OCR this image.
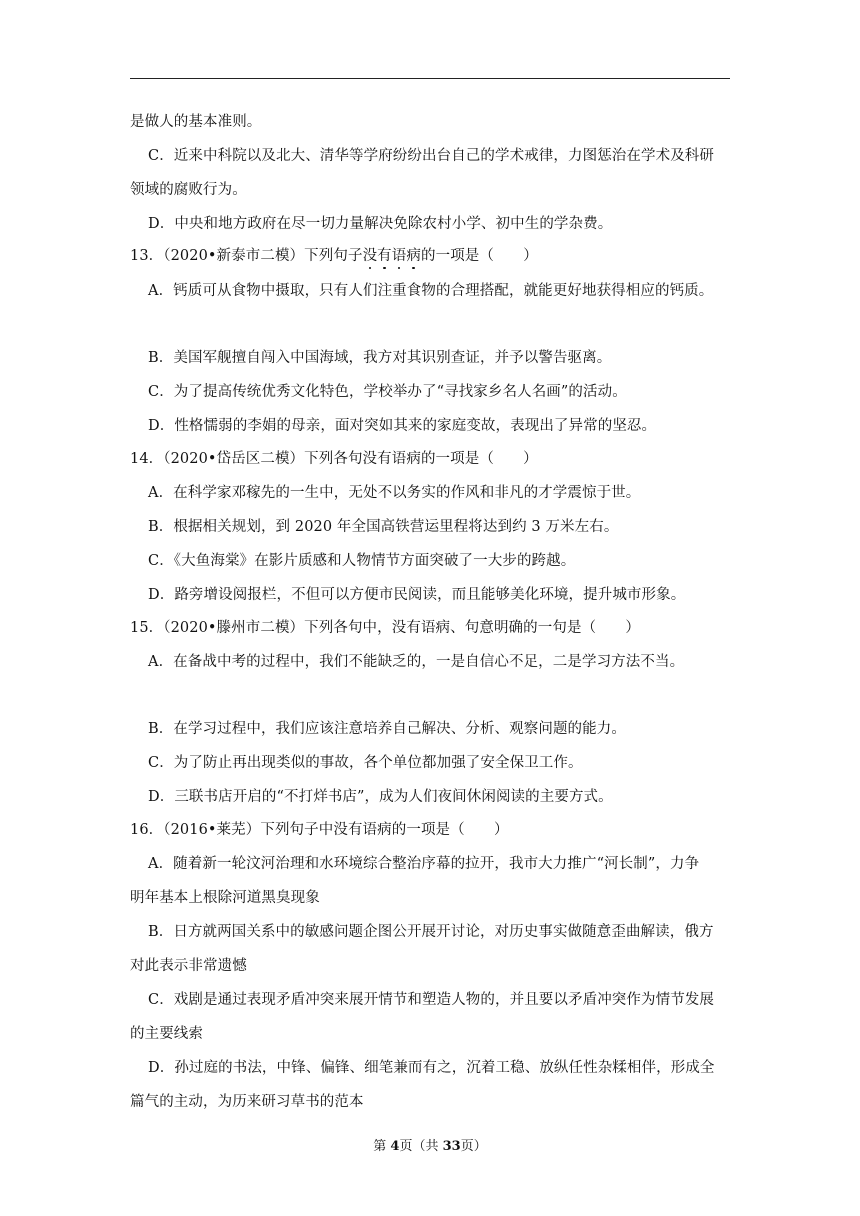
是做人的基本准则。
C．近来中科院以及北大、清华等学府纷纷出台自己的学术戒律，力图惩治在学术及科研
领域的腐败行为。
D．中央和地方政府在尽一切力量解决免除农村小学、初中生的学杂费。
13．（2020•新泰市二模）下列句子没有语病的一项是（　　）
A．钙质可从食物中摄取，只有人们注重食物的合理搭配，就能更好地获得相应的钙质。
B．美国军舰擅自闯入中国海域，我方对其识别查证，并予以警告驱离。
C．为了提高传统优秀文化特色，学校举办了“寻找家乡名人名画”的活动。
D．性格懦弱的李娟的母亲，面对突如其来的家庭变故，表现出了异常的坚忍。
14．（2020•岱岳区二模）下列各句没有语病的一项是（　　）
A．在科学家邓稼先的一生中，无处不以务实的作风和非凡的才学震惊于世。
B．根据相关规划，到 2020 年全国高铁营运里程将达到约 3 万米左右。
C．《大鱼海棠》在影片质感和人物情节方面突破了一大步的跨越。
D．路旁增设阅报栏，不但可以方便市民阅读，而且能够美化环境，提升城市形象。
15．（2020•滕州市二模）下列各句中，没有语病、句意明确的一句是（　　）
A．在备战中考的过程中，我们不能缺乏的，一是自信心不足，二是学习方法不当。
B．在学习过程中，我们应该注意培养自己解决、分析、观察问题的能力。
C．为了防止再出现类似的事故，各个单位都加强了安全保卫工作。
D．三联书店开启的“不打烊书店”，成为人们夜间休闲阅读的主要方式。
16．（2016•莱芜）下列句子中没有语病的一项是（　　）
A．随着新一轮汶河治理和水环境综合整治序幕的拉开，我市大力推广“河长制”，力争
明年基本上根除河道黑臭现象
B．日方就两国关系中的敏感问题企图公开展开讨论，对历史事实做随意歪曲解读，俄方
对此表示非常遗憾
C．戏剧是通过表现矛盾冲突来展开情节和塑造人物的，并且要以矛盾冲突作为情节发展
的主要线索
D．孙过庭的书法，中锋、偏锋、细笔兼而有之，沉着工稳、放纵任性杂糅相伴，形成全
篇气的主动，为历来研习草书的范本
第 4页（共 33页）
